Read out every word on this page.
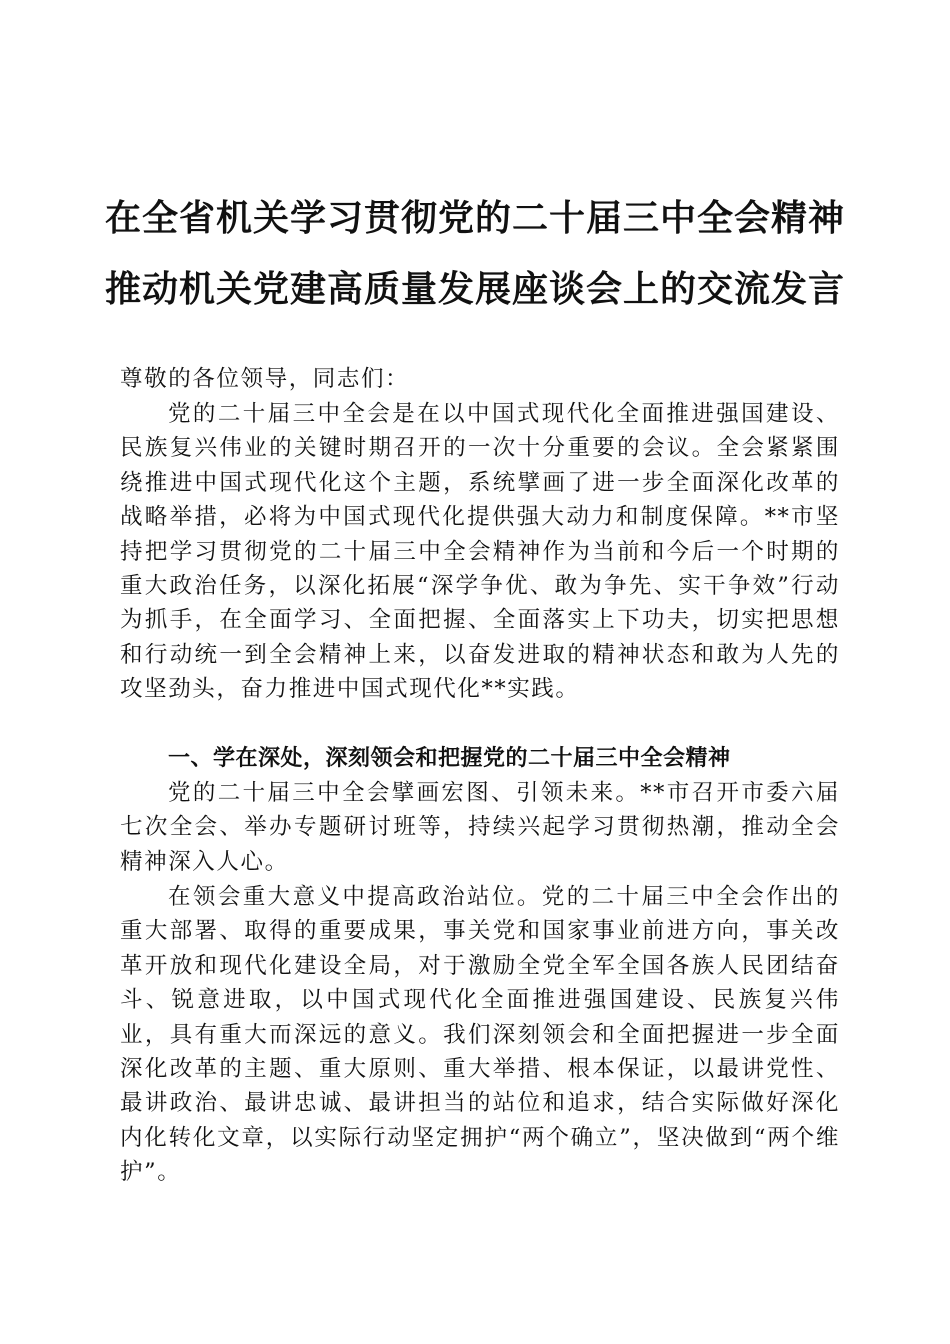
在全省机关学习贯彻党的二十届三中全会精神
推动机关党建高质量发展座谈会上的交流发言
尊敬的各位领导，同志们：
党的二十届三中全会是在以中国式现代化全面推进强国建设、民族复兴伟业的关键时期召开的一次十分重要的会议。全会紧紧围绕推进中国式现代化这个主题，系统擘画了进一步全面深化改革的战略举措，必将为中国式现代化提供强大动力和制度保障。**市坚持把学习贯彻党的二十届三中全会精神作为当前和今后一个时期的重大政治任务，以深化拓展“深学争优、敢为争先、实干争效”行动为抓手，在全面学习、全面把握、全面落实上下功夫，切实把思想和行动统一到全会精神上来，以奋发进取的精神状态和敢为人先的攻坚劲头，奋力推进中国式现代化**实践。
一、学在深处，深刻领会和把握党的二十届三中全会精神
党的二十届三中全会擘画宏图、引领未来。**市召开市委六届七次全会、举办专题研讨班等，持续兴起学习贯彻热潮，推动全会精神深入人心。
在领会重大意义中提高政治站位。党的二十届三中全会作出的重大部署、取得的重要成果，事关党和国家事业前进方向，事关改革开放和现代化建设全局，对于激励全党全军全国各族人民团结奋斗、锐意进取，以中国式现代化全面推进强国建设、民族复兴伟业，具有重大而深远的意义。我们深刻领会和全面把握进一步全面深化改革的主题、重大原则、重大举措、根本保证，以最讲党性、最讲政治、最讲忠诚、最讲担当的站位和追求，结合实际做好深化内化转化文章，以实际行动坚定拥护“两个确立”，坚决做到“两个维护”。
